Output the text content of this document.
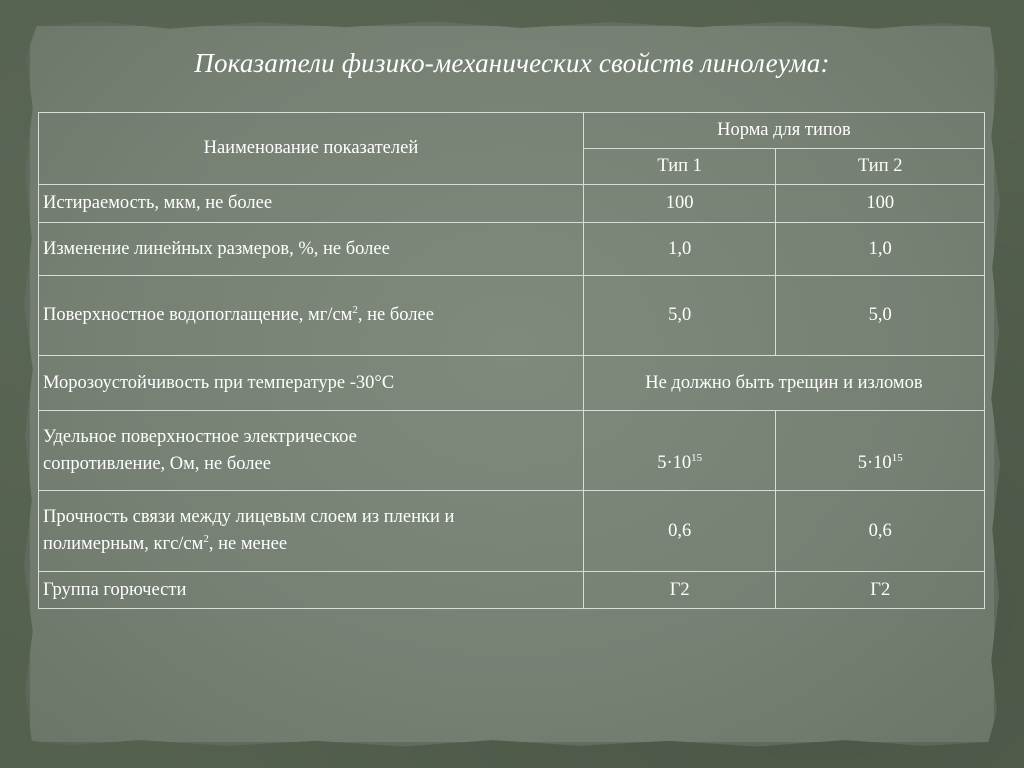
Показатели физико-механических свойств линолеума:
Наименование показателей	Норма для типов	
	Тип 1	Тип 2
Истираемость, мкм, не более	100	100
Изменение линейных размеров, %, не более	1,0	1,0
Поверхностное водопоглащение, $мг/см^2$, не более	5,0	5,0
Морозоустойчивость при температуре -30°С	Не должно быть трещин и изломов	
Удельное поверхностное электрическое
сопротивление, Ом, не более	$5\cdot 10^{15}$	$5\cdot 10^{15}$
Прочность связи между лицевым слоем из пленки и
полимерным, кгс/$см^2$, не менее	0,6	0,6
Группа горючести	Г2	Г2
